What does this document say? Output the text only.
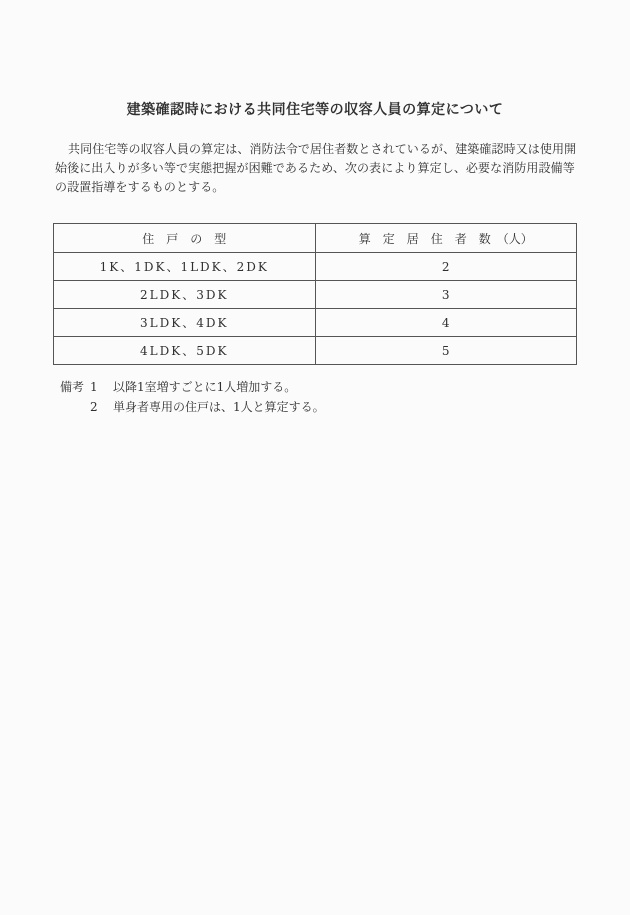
建築確認時における共同住宅等の収容人員の算定について
共同住宅等の収容人員の算定は、消防法令で居住者数とされているが、建築確認時又は使用開
始後に出入りが多い等で実態把握が困難であるため、次の表により算定し、必要な消防用設備等
の設置指導をするものとする。
住　戸　の　型	算　定　居　住　者　数　（人）
1K、1DK、1LDK、2DK	2
2LDK、3DK	3
3LDK、4DK	4
4LDK、5DK	5
備考 1	以降1室増すごとに1人増加する。
2	単身者専用の住戸は、1人と算定する。
